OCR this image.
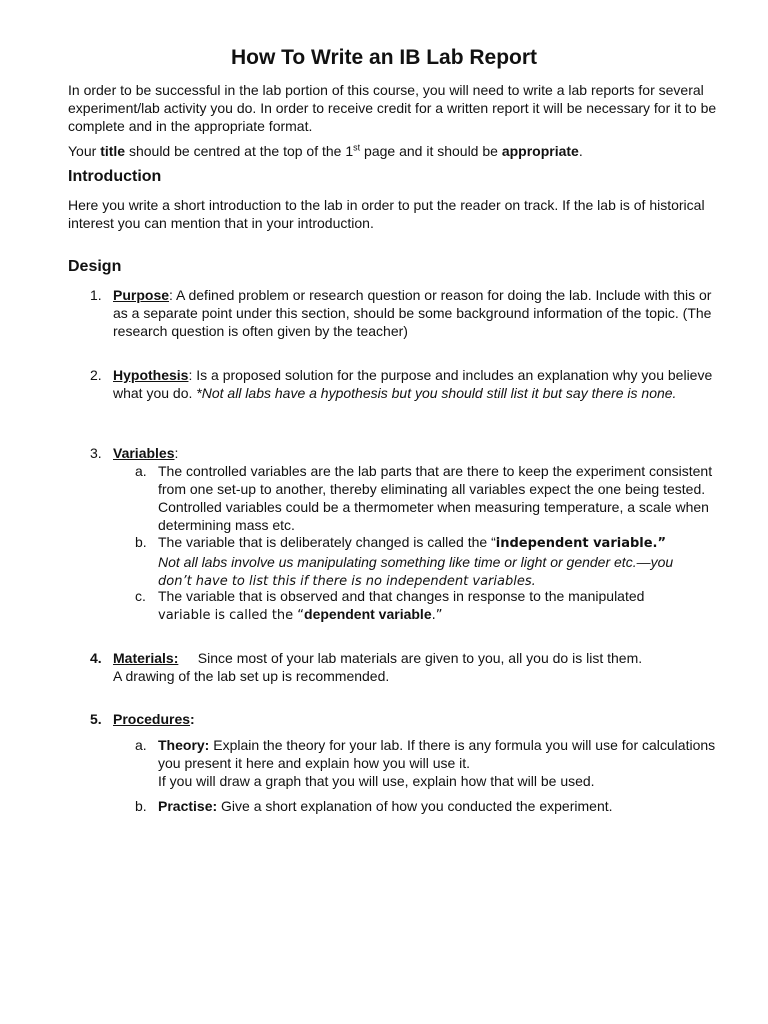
How To Write an IB Lab Report

In order to be successful in the lab portion of this course, you will need to write a lab reports for several experiment/lab activity you do. In order to receive credit for a written report it will be necessary for it to be complete and in the appropriate format.

Your title should be centred at the top of the 1st page and it should be appropriate.

Introduction

Here you write a short introduction to the lab in order to put the reader on track. If the lab is of historical interest you can mention that in your introduction.

Design
1. Purpose: A defined problem or research question or reason for doing the lab. Include with this or as a separate point under this section, should be some background information of the topic. (The research question is often given by the teacher)

2. Hypothesis: Is a proposed solution for the purpose and includes an explanation why you believe what you do. *Not all labs have a hypothesis but you should still list it but say there is none.

3. Variables:

a. The controlled variables are the lab parts that are there to keep the experiment consistent from one set-up to another, thereby eliminating all variables expect the one being tested. Controlled variables could be a thermometer when measuring temperature, a scale when determining mass etc.

b. The variable that is deliberately changed is called the “independent variable.”
Not all labs involve us manipulating something like time or light or gender etc.—you
don’t have to list this if there is no independent variables.

c. The variable that is observed and that changes in response to the manipulated
variable is called the “dependent variable.”

4. Materials:     Since most of your lab materials are given to you, all you do is list them.
A drawing of the lab set up is recommended.

5. Procedures:

a. Theory: Explain the theory for your lab. If there is any formula you will use for calculations you present it here and explain how you will use it.
If you will draw a graph that you will use, explain how that will be used.

b. Practise: Give a short explanation of how you conducted the experiment.
